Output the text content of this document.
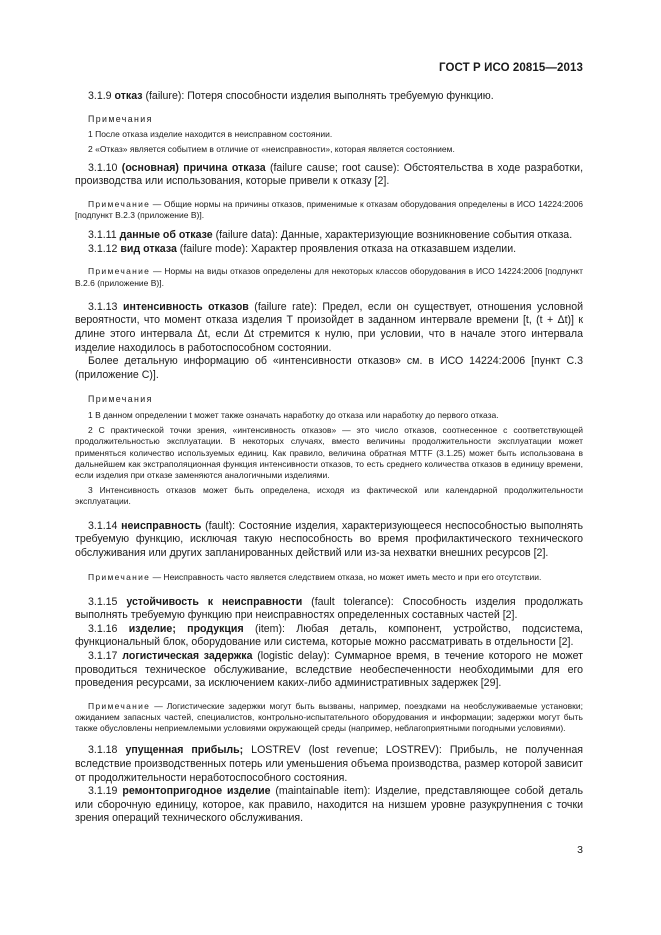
ГОСТ Р ИСО 20815—2013

3.1.9 отказ (failure): Потеря способности изделия выполнять требуемую функцию.

Примечания

1 После отказа изделие находится в неисправном состоянии.

2 «Отказ» является событием в отличие от «неисправности», которая является состоянием.

3.1.10 (основная) причина отказа (failure cause; root cause): Обстоятельства в ходе разработки, производства или использования, которые привели к отказу [2].

Примечание — Общие нормы на причины отказов, применимые к отказам оборудования определены в ИСО 14224:2006 [подпункт B.2.3 (приложение В)].

3.1.11 данные об отказе (failure data): Данные, характеризующие возникновение события отказа.

3.1.12 вид отказа (failure mode): Характер проявления отказа на отказавшем изделии.

Примечание — Нормы на виды отказов определены для некоторых классов оборудования в ИСО 14224:2006 [подпункт В.2.6 (приложение В)].

3.1.13 интенсивность отказов (failure rate): Предел, если он существует, отношения условной вероятности, что момент отказа изделия T произойдет в заданном интервале времени [t, (t + Δt)] к длине этого интервала Δt, если Δt стремится к нулю, при условии, что в начале этого интервала изделие находилось в работоспособном состоянии.

Более детальную информацию об «интенсивности отказов» см. в ИСО 14224:2006 [пункт С.3 (приложение С)].

Примечания

1 В данном определении t может также означать наработку до отказа или наработку до первого отказа.

2 С практической точки зрения, «интенсивность отказов» — это число отказов, соотнесенное с соответствующей продолжительностью эксплуатации. В некоторых случаях, вместо величины продолжительности эксплуатации может применяться количество используемых единиц. Как правило, величина обратная MTTF (3.1.25) может быть использована в дальнейшем как экстраполяционная функция интенсивности отказов, то есть среднего количества отказов в единицу времени, если изделия при отказе заменяются аналогичными изделиями.

3 Интенсивность отказов может быть определена, исходя из фактической или календарной продолжительности эксплуатации.

3.1.14 неисправность (fault): Состояние изделия, характеризующееся неспособностью выполнять требуемую функцию, исключая такую неспособность во время профилактического технического обслуживания или других запланированных действий или из-за нехватки внешних ресурсов [2].

Примечание — Неисправность часто является следствием отказа, но может иметь место и при его отсутствии.

3.1.15 устойчивость к неисправности (fault tolerance): Способность изделия продолжать выполнять требуемую функцию при неисправностях определенных составных частей [2].

3.1.16 изделие; продукция (item): Любая деталь, компонент, устройство, подсистема, функциональный блок, оборудование или система, которые можно рассматривать в отдельности [2].

3.1.17 логистическая задержка (logistic delay): Суммарное время, в течение которого не может проводиться техническое обслуживание, вследствие необеспеченности необходимыми для его проведения ресурсами, за исключением каких-либо административных задержек [29].

Примечание — Логистические задержки могут быть вызваны, например, поездками на необслуживаемые установки; ожиданием запасных частей, специалистов, контрольно-испытательного оборудования и информации; задержки могут быть также обусловлены неприемлемыми условиями окружающей среды (например, неблагоприятными погодными условиями).

3.1.18 упущенная прибыль; LOSTREV (lost revenue; LOSTREV): Прибыль, не полученная вследствие производственных потерь или уменьшения объема производства, размер которой зависит от продолжительности неработоспособного состояния.

3.1.19 ремонтопригодное изделие (maintainable item): Изделие, представляющее собой деталь или сборочную единицу, которое, как правило, находится на низшем уровне разукрупнения с точки зрения операций технического обслуживания.

3
